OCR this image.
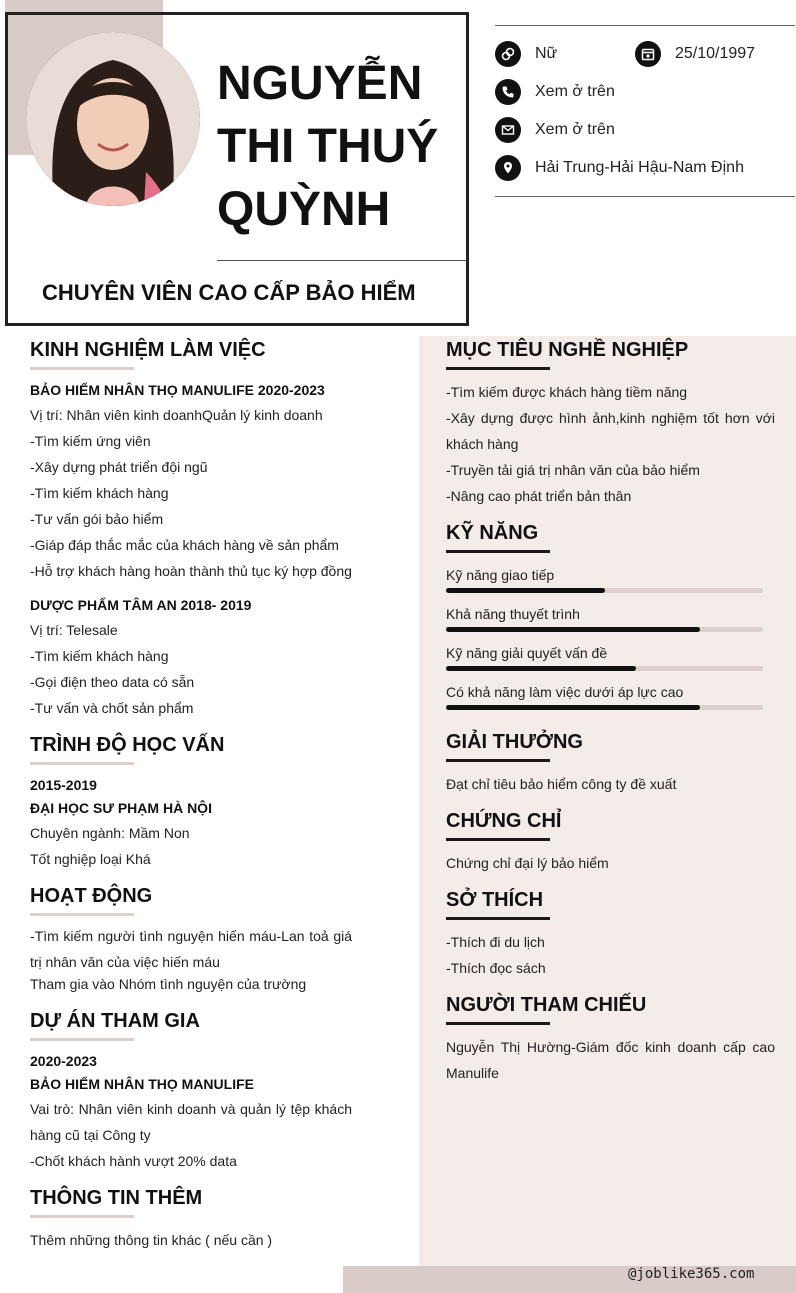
@joblike365.com
NGUYỄN
THI THUÝ
QUỲNH
CHUYÊN VIÊN CAO CẤP BẢO HIỂM
Nữ	25/10/1997
Xem ở trên
Xem ở trên
Hải Trung-Hải Hậu-Nam Định
KINH NGHIỆM LÀM VIỆC
BẢO HIỂM NHÂN THỌ MANULIFE 2020-2023
Vị trí: Nhân viên kinh doanhQuản lý kinh doanh
-Tìm kiếm ứng viên
-Xây dựng phát triển đội ngũ
-Tìm kiếm khách hàng
-Tư vấn gói bảo hiểm
-Giáp đáp thắc mắc của khách hàng về sản phẩm
-Hỗ trợ khách hàng hoàn thành thủ tục ký hợp đồng
DƯỢC PHẨM TÂM AN 2018- 2019
Vị trí: Telesale
-Tìm kiếm khách hàng
-Gọi điện theo data có sẵn
-Tư vấn và chốt sản phẩm
TRÌNH ĐỘ HỌC VẤN
2015-2019
ĐẠI HỌC SƯ PHẠM HÀ NỘI
Chuyên ngành: Mầm Non
Tốt nghiệp loại Khá
HOẠT ĐỘNG
-Tìm kiếm người tình nguyện hiến máu-Lan toả giá trị nhân văn của việc hiến máu
Tham gia vào Nhóm tình nguyện của trường
DỰ ÁN THAM GIA
2020-2023
BẢO HIỂM NHÂN THỌ MANULIFE
Vai trò: Nhân viên kinh doanh và quản lý tệp khách hàng cũ tại Công ty
-Chốt khách hành vượt 20% data
THÔNG TIN THÊM
Thêm những thông tin khác ( nếu cần )
MỤC TIÊU NGHỀ NGHIỆP
-Tìm kiếm được khách hàng tiềm năng
-Xây dựng được hình ảnh,kinh nghiệm tốt hơn với khách hàng
-Truyền tải giá trị nhân văn của bảo hiểm
-Nâng cao phát triển bản thân
KỸ NĂNG
Kỹ năng giao tiếp
Khả năng thuyết trình
Kỹ năng giải quyết vấn đề
Có khả năng làm việc dưới áp lực cao
GIẢI THƯỞNG
Đạt chỉ tiêu bảo hiểm công ty đề xuất
CHỨNG CHỈ
Chứng chỉ đại lý bảo hiểm
SỞ THÍCH
-Thích đi du lịch
-Thích đọc sách
NGƯỜI THAM CHIẾU
Nguyễn Thị Hường-Giám đốc kinh doanh cấp cao Manulife
